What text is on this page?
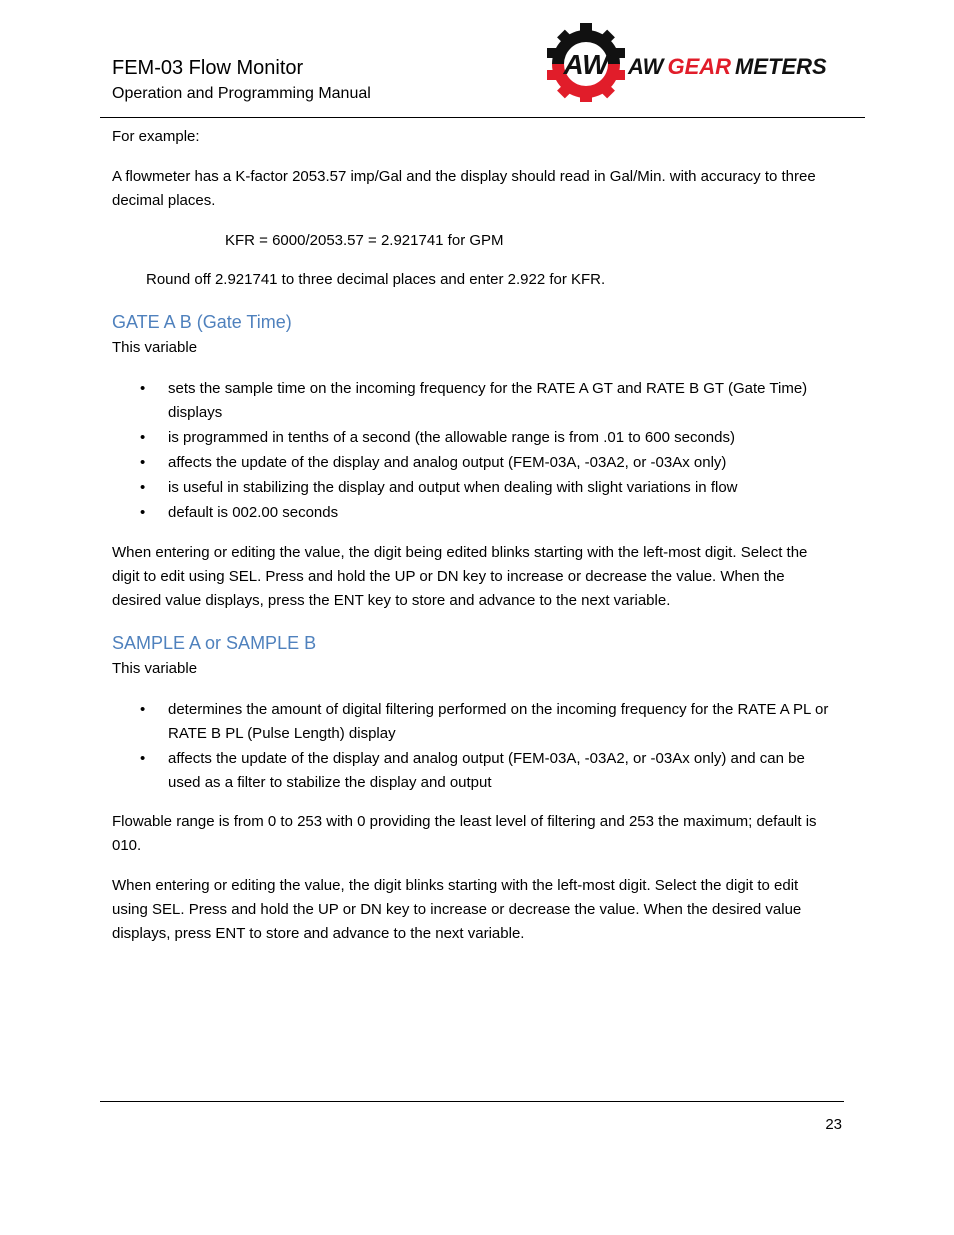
FEM-03 Flow Monitor
Operation and Programming Manual
AW AW GEAR METERS

For example:

A flowmeter has a K-factor 2053.57 imp/Gal and the display should read in Gal/Min. with accuracy to three decimal places.

KFR = 6000/2053.57 = 2.921741 for GPM

Round off 2.921741 to three decimal places and enter 2.922 for KFR.

GATE A B (Gate Time)

This variable

• sets the sample time on the incoming frequency for the RATE A GT and RATE B GT (Gate Time) displays
• is programmed in tenths of a second (the allowable range is from .01 to 600 seconds)
• affects the update of the display and analog output (FEM-03A, -03A2, or -03Ax only)
• is useful in stabilizing the display and output when dealing with slight variations in flow
• default is 002.00 seconds

When entering or editing the value, the digit being edited blinks starting with the left-most digit. Select the digit to edit using SEL. Press and hold the UP or DN key to increase or decrease the value. When the desired value displays, press the ENT key to store and advance to the next variable.

SAMPLE A or SAMPLE B

This variable

• determines the amount of digital filtering performed on the incoming frequency for the RATE A PL or RATE B PL (Pulse Length) display
• affects the update of the display and analog output (FEM-03A, -03A2, or -03Ax only) and can be used as a filter to stabilize the display and output

Flowable range is from 0 to 253 with 0 providing the least level of filtering and 253 the maximum; default is 010.

When entering or editing the value, the digit blinks starting with the left-most digit. Select the digit to edit using SEL. Press and hold the UP or DN key to increase or decrease the value. When the desired value displays, press ENT to store and advance to the next variable.

23
